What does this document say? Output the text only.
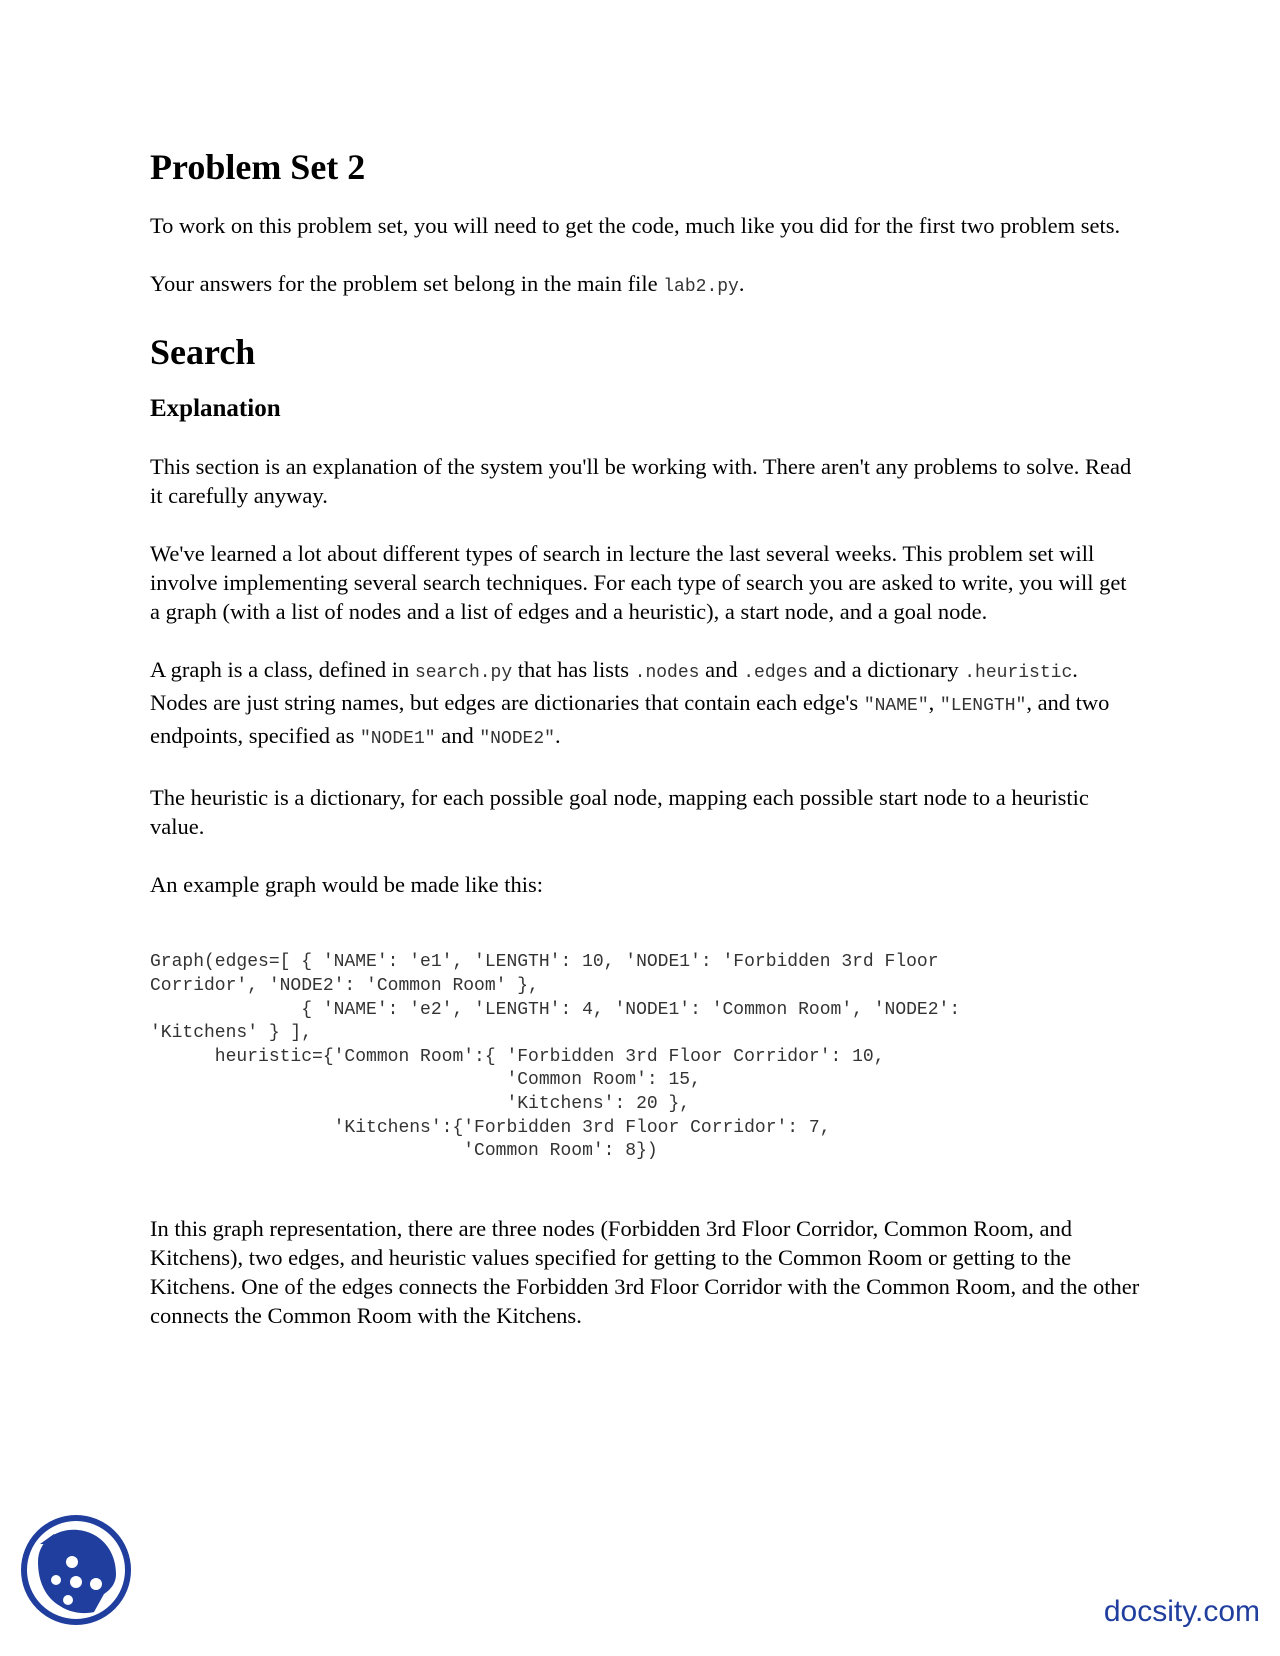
Problem Set 2

To work on this problem set, you will need to get the code, much like you did for the first two problem sets.

Your answers for the problem set belong in the main file lab2.py.

Search
Explanation

This section is an explanation of the system you'll be working with. There aren't any problems to solve. Read it carefully anyway.

We've learned a lot about different types of search in lecture the last several weeks. This problem set will involve implementing several search techniques. For each type of search you are asked to write, you will get a graph (with a list of nodes and a list of edges and a heuristic), a start node, and a goal node.

A graph is a class, defined in search.py that has lists .nodes and .edges and a dictionary .heuristic. Nodes are just string names, but edges are dictionaries that contain each edge's "NAME", "LENGTH", and two endpoints, specified as "NODE1" and "NODE2".

The heuristic is a dictionary, for each possible goal node, mapping each possible start node to a heuristic value.

An example graph would be made like this:

Graph(edges=[ { 'NAME': 'e1', 'LENGTH': 10, 'NODE1': 'Forbidden 3rd Floor
Corridor', 'NODE2': 'Common Room' },
{ 'NAME': 'e2', 'LENGTH': 4, 'NODE1': 'Common Room', 'NODE2':
'Kitchens' } ],
heuristic={'Common Room':{ 'Forbidden 3rd Floor Corridor': 10,
'Common Room': 15,
'Kitchens': 20 },
'Kitchens':{'Forbidden 3rd Floor Corridor': 7,
'Common Room': 8})

In this graph representation, there are three nodes (Forbidden 3rd Floor Corridor, Common Room, and Kitchens), two edges, and heuristic values specified for getting to the Common Room or getting to the Kitchens. One of the edges connects the Forbidden 3rd Floor Corridor with the Common Room, and the other connects the Common Room with the Kitchens.

docsity.com
